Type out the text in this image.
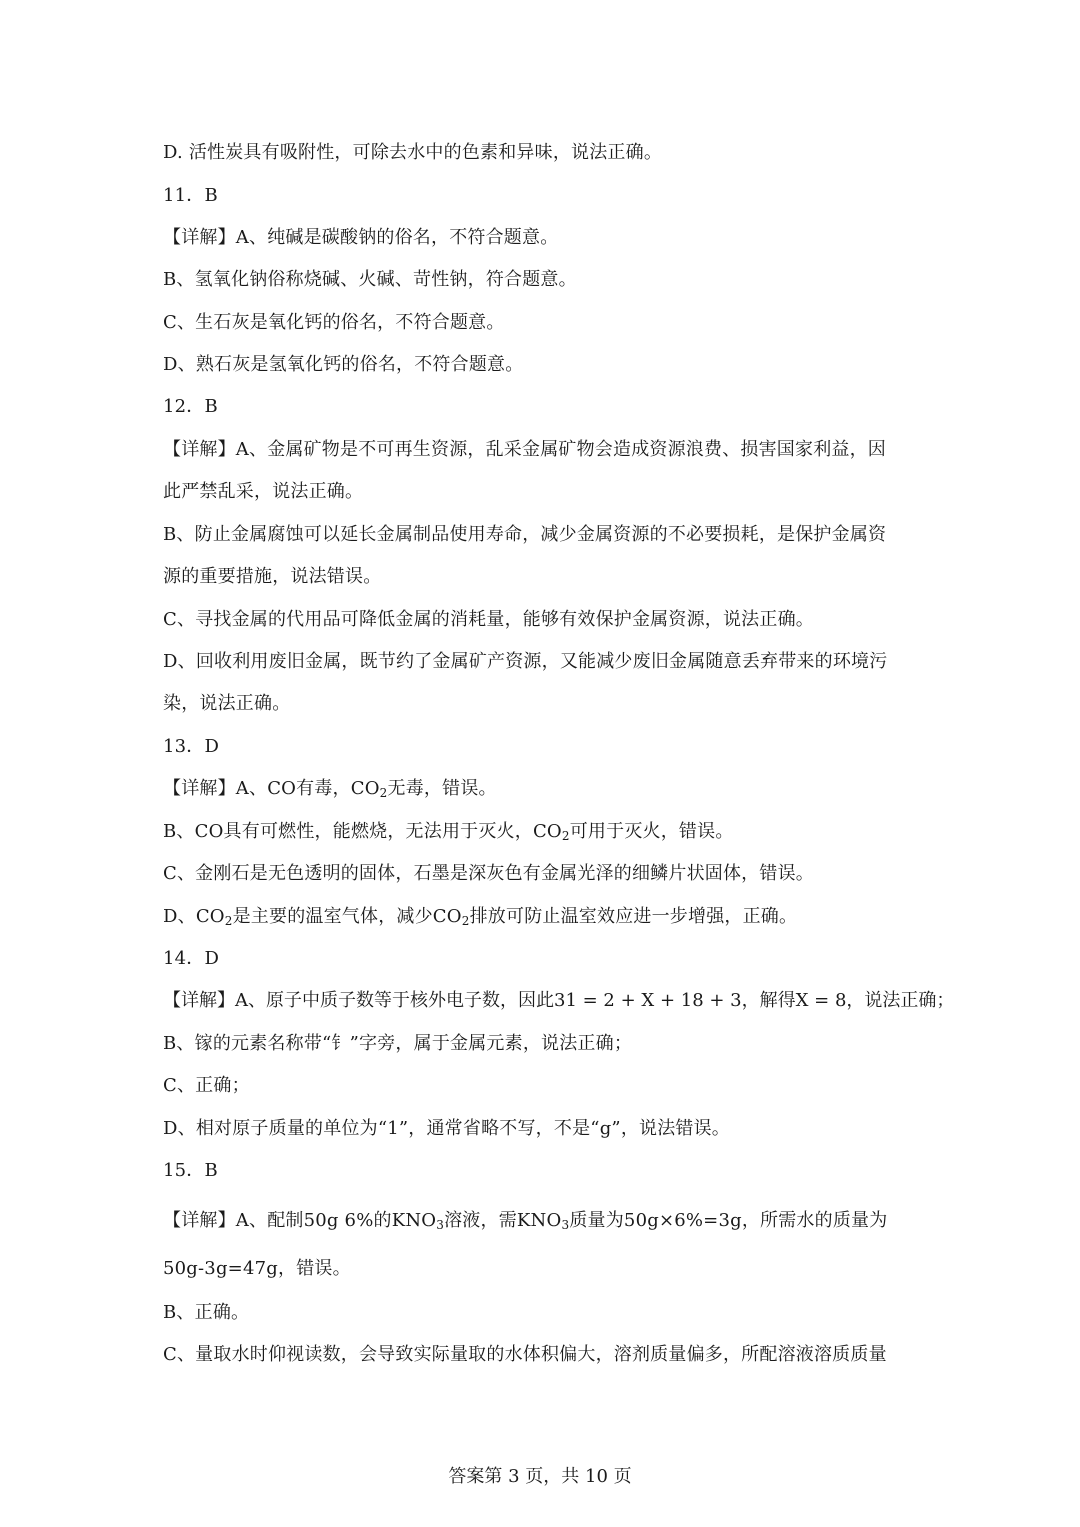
D. 活性炭具有吸附性，可除去水中的色素和异味，说法正确。
11．B
【详解】A、纯碱是碳酸钠的俗名，不符合题意。
B、氢氧化钠俗称烧碱、火碱、苛性钠，符合题意。
C、生石灰是氧化钙的俗名，不符合题意。
D、熟石灰是氢氧化钙的俗名，不符合题意。
12．B
【详解】A、金属矿物是不可再生资源，乱采金属矿物会造成资源浪费、损害国家利益，因
此严禁乱采，说法正确。
B、防止金属腐蚀可以延长金属制品使用寿命，减少金属资源的不必要损耗，是保护金属资
源的重要措施，说法错误。
C、寻找金属的代用品可降低金属的消耗量，能够有效保护金属资源，说法正确。
D、回收利用废旧金属，既节约了金属矿产资源，又能减少废旧金属随意丢弃带来的环境污
染，说法正确。
13．D
【详解】A、CO有毒，$CO_2$无毒，错误。
B、CO具有可燃性，能燃烧，无法用于灭火，$CO_2$可用于灭火，错误。
C、金刚石是无色透明的固体，石墨是深灰色有金属光泽的细鳞片状固体，错误。
D、$CO_2$是主要的温室气体，减少$CO_2$排放可防止温室效应进一步增强，正确。
14．D
【详解】A、原子中质子数等于核外电子数，因此31 = 2 + X + 18 + 3，解得X = 8，说法正确；
B、镓的元素名称带“钅”字旁，属于金属元素，说法正确；
C、正确；
D、相对原子质量的单位为“1”，通常省略不写，不是“g”，说法错误。
15．B
【详解】A、配制50g 6%的$KNO_3$溶液，需$KNO_3$质量为50g×6%=3g，所需水的质量为
50g-3g=47g，错误。
B、正确。
C、量取水时仰视读数，会导致实际量取的水体积偏大，溶剂质量偏多，所配溶液溶质质量
答案第 3 页，共 10 页
